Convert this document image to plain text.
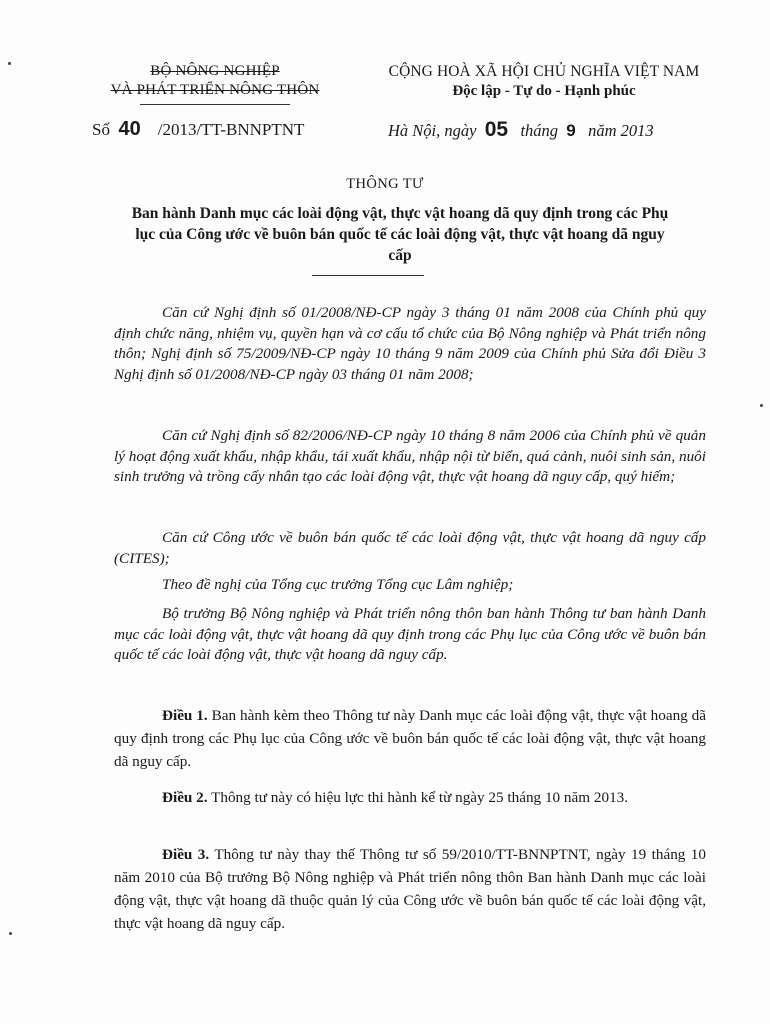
BỘ NÔNG NGHIỆP
VÀ PHÁT TRIỂN NÔNG THÔN
CỘNG HOÀ XÃ HỘI CHỦ NGHĨA VIỆT NAM
Độc lập - Tự do - Hạnh phúc
Số 40 /2013/TT-BNNPTNT	Hà Nội, ngày 05 tháng 9 năm 2013
THÔNG TƯ
Ban hành Danh mục các loài động vật, thực vật hoang dã quy định trong các Phụ lục của Công ước về buôn bán quốc tế các loài động vật, thực vật hoang dã nguy cấp

Căn cứ Nghị định số 01/2008/NĐ-CP ngày 3 tháng 01 năm 2008 của Chính phủ quy định chức năng, nhiệm vụ, quyền hạn và cơ cấu tổ chức của Bộ Nông nghiệp và Phát triển nông thôn; Nghị định số 75/2009/NĐ-CP ngày 10 tháng 9 năm 2009 của Chính phủ Sửa đổi Điều 3 Nghị định số 01/2008/NĐ-CP ngày 03 tháng 01 năm 2008;

Căn cứ Nghị định số 82/2006/NĐ-CP ngày 10 tháng 8 năm 2006 của Chính phủ về quản lý hoạt động xuất khẩu, nhập khẩu, tái xuất khẩu, nhập nội từ biển, quá cảnh, nuôi sinh sản, nuôi sinh trưởng và trồng cấy nhân tạo các loài động vật, thực vật hoang dã nguy cấp, quý hiếm;

Căn cứ Công ước về buôn bán quốc tế các loài động vật, thực vật hoang dã nguy cấp (CITES);

Theo đề nghị của Tổng cục trưởng Tổng cục Lâm nghiệp;

Bộ trưởng Bộ Nông nghiệp và Phát triển nông thôn ban hành Thông tư ban hành Danh mục các loài động vật, thực vật hoang dã quy định trong các Phụ lục của Công ước về buôn bán quốc tế các loài động vật, thực vật hoang dã nguy cấp.

Điều 1. Ban hành kèm theo Thông tư này Danh mục các loài động vật, thực vật hoang dã quy định trong các Phụ lục của Công ước về buôn bán quốc tế các loài động vật, thực vật hoang dã nguy cấp.

Điều 2. Thông tư này có hiệu lực thi hành kể từ ngày 25 tháng 10 năm 2013.

Điều 3. Thông tư này thay thế Thông tư số 59/2010/TT-BNNPTNT, ngày 19 tháng 10 năm 2010 của Bộ trưởng Bộ Nông nghiệp và Phát triển nông thôn Ban hành Danh mục các loài động vật, thực vật hoang dã thuộc quản lý của Công ước về buôn bán quốc tế các loài động vật, thực vật hoang dã nguy cấp.
